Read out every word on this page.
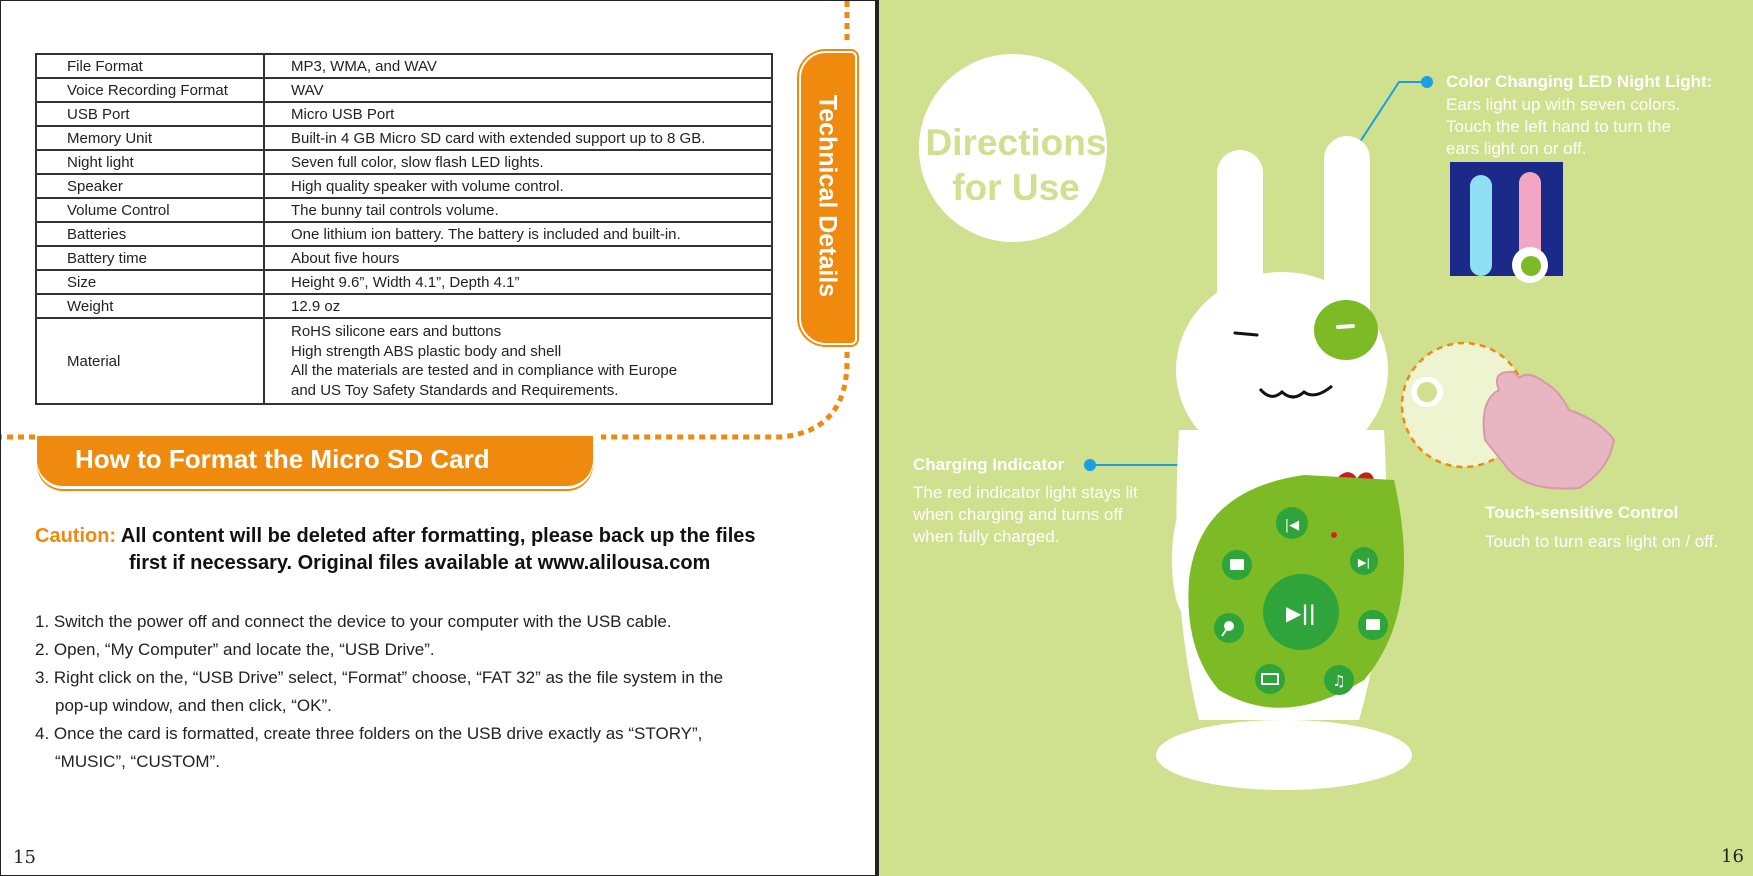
File Format	MP3, WMA, and WAV
Voice Recording Format	WAV
USB Port	Micro USB Port
Memory Unit	Built-in 4 GB Micro SD card with extended support up to 8 GB.
Night light	Seven full color, slow flash LED lights.
Speaker	High quality speaker with volume control.
Volume Control	The bunny tail controls volume.
Batteries	One lithium ion battery. The battery is included and built-in.
Battery time	About five hours
Size	Height 9.6”, Width 4.1”, Depth 4.1”
Weight	12.9 oz
Material	RoHS silicone ears and buttons
High strength ABS plastic body and shell
All the materials are tested and in compliance with Europe
and US Toy Safety Standards and Requirements.
Technical Details
How to Format the Micro SD Card
Caution: All content will be deleted after formatting, please back up the files
first if necessary. Original files available at www.alilousa.com
1. Switch the power off and connect the device to your computer with the USB cable.
2. Open, “My Computer” and locate the, “USB Drive”.
3. Right click on the, “USB Drive” select, “Format” choose, “FAT 32” as the file system in the
pop-up window, and then click, “OK”.
4. Once the card is formatted, create three folders on the USB drive exactly as “STORY”,
“MUSIC”, “CUSTOM”.
15
Directions
for Use
▶||
|◀
▶|
♫
Color Changing LED Night Light:
Ears light up with seven colors.
Touch the left hand to turn the
ears light on or off.
Charging Indicator
The red indicator light stays lit
when charging and turns off
when fully charged.
Touch-sensitive Control
Touch to turn ears light on / off.
16
